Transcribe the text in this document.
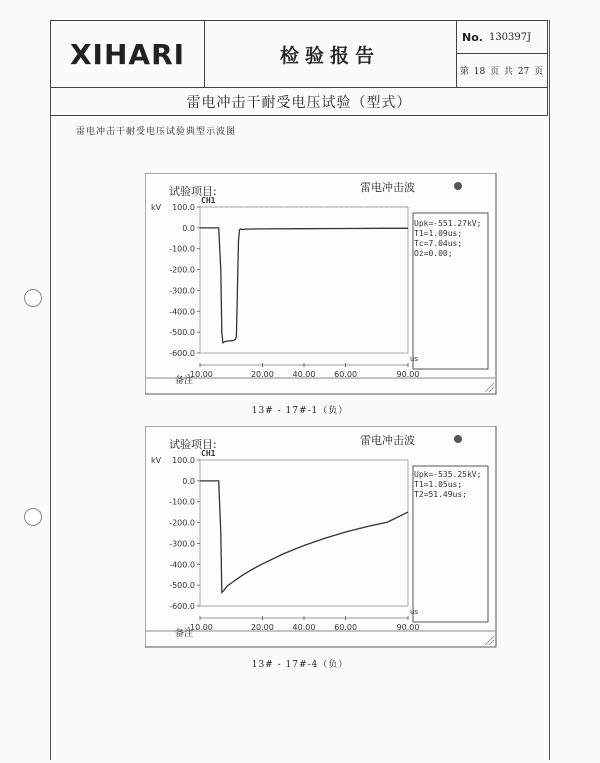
XIHARI	检验报告
No. 130397J
第 18 页 共 27 页
雷电冲击干耐受电压试验（型式）
雷电冲击干耐受电压试验典型示波图
100.0
0.0
-100.0
-200.0
-300.0
-400.0
-500.0
-600.0
-10.00	20.00 40.00 60.00	90.00
kV
us
CH1
试验项目:	雷电冲击波
备注
Upk=-551.27kV;
T1=1.09us;
Tc=7.04us;
Oz=0.00;
13# - 17#-1（负）
100.0
0.0
-100.0
-200.0
-300.0
-400.0
-500.0
-600.0
-10.00	20.00 40.00 60.00	90.00
kV
us
CH1
试验项目:	雷电冲击波
备注
Upk=-535.25kV;
T1=1.05us;
T2=51.49us;
13# - 17#-4（负）
